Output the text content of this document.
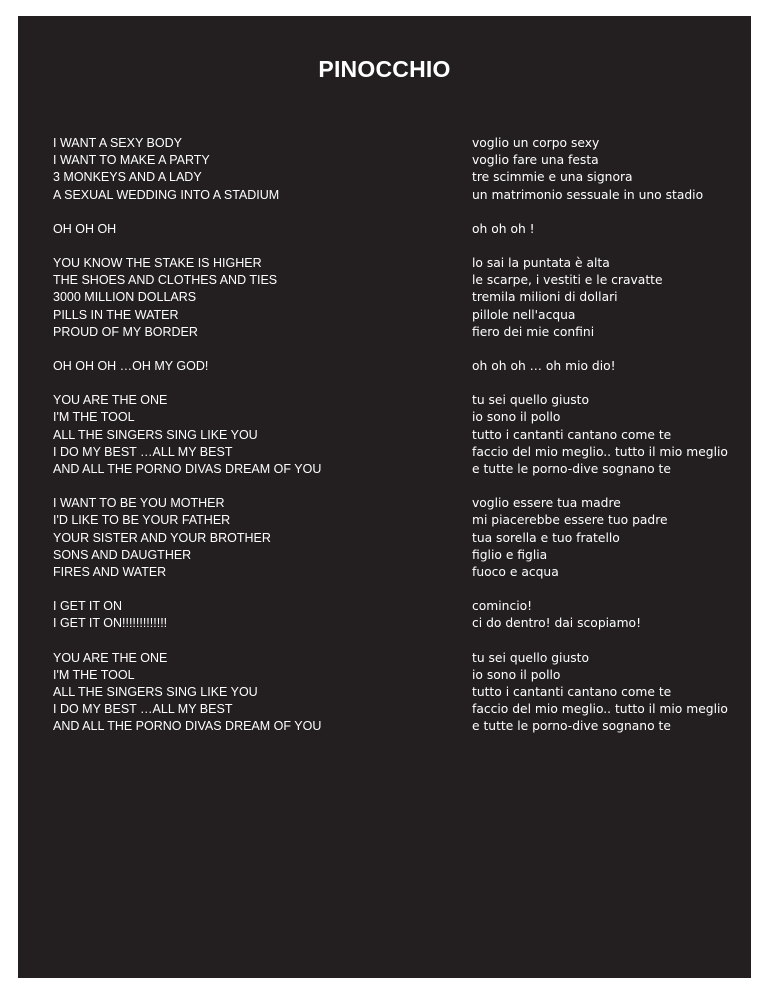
PINOCCHIO
I WANT A SEXY BODY
I WANT TO MAKE A PARTY
3 MONKEYS AND A LADY
A SEXUAL WEDDING INTO A STADIUM
OH OH OH
YOU KNOW THE STAKE IS HIGHER
THE SHOES AND CLOTHES AND TIES
3000 MILLION DOLLARS
PILLS IN THE WATER
PROUD OF MY BORDER
OH OH OH …OH MY GOD!
YOU ARE THE ONE
I'M THE TOOL
ALL THE SINGERS SING LIKE YOU
I DO MY BEST …ALL MY BEST
AND ALL THE PORNO DIVAS DREAM OF YOU
I WANT TO BE YOU MOTHER
I'D LIKE TO BE YOUR FATHER
YOUR SISTER AND YOUR BROTHER
SONS AND DAUGTHER
FIRES AND WATER
I GET IT ON
I GET IT ON!!!!!!!!!!!!!
YOU ARE THE ONE
I'M THE TOOL
ALL THE SINGERS SING LIKE YOU
I DO MY BEST …ALL MY BEST
AND ALL THE PORNO DIVAS DREAM OF YOU
voglio un corpo sexy
voglio fare una festa
tre scimmie e una signora
un matrimonio sessuale in uno stadio
oh oh oh !
lo sai la puntata è alta
le scarpe, i vestiti e le cravatte
tremila milioni di dollari
pillole nell'acqua
fiero dei mie confini
oh oh oh … oh mio dio!
tu sei quello giusto
io sono il pollo
tutto i cantanti cantano come te
faccio del mio meglio.. tutto il mio meglio
e tutte le porno-dive sognano te
voglio essere tua madre
mi piacerebbe essere tuo padre
tua sorella e tuo fratello
figlio e figlia
fuoco e acqua
comincio!
ci do dentro! dai scopiamo!
tu sei quello giusto
io sono il pollo
tutto i cantanti cantano come te
faccio del mio meglio.. tutto il mio meglio
e tutte le porno-dive sognano te
